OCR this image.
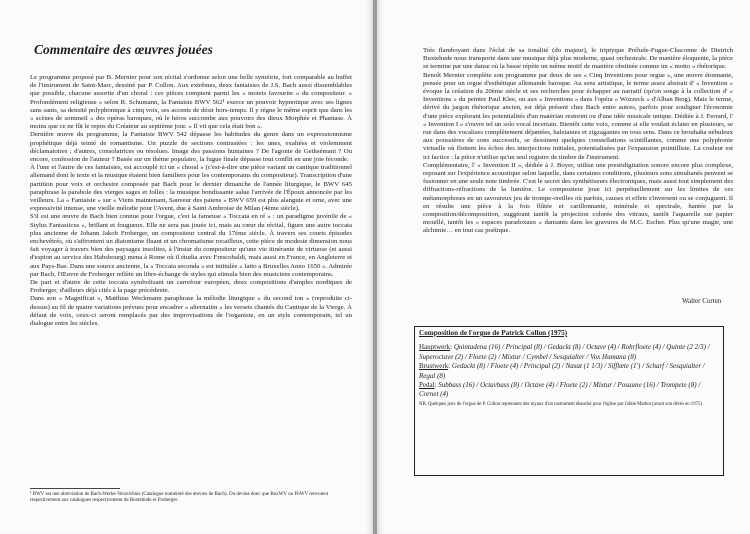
Commentaire des œuvres jouées

Le programme proposé par B. Mernier pour son récital s'ordonne selon une belle symétrie, fort comparable au buffet de l'instrument de Saint-Marc, dessiné par P. Collon. Aux extrêmes, deux fantaisies de J.S. Bach aussi dissemblables que possible, chacune assortie d'un choral : ces pièces comptent parmi les « motets favourite » du compositeur. « Profondément religieuse » selon R. Schumann, la Fantaisie BWV 562¹ exerce un pouvoir hypnotique avec ses lignes sans sauts, sa densité polyphonique à cinq voix, ses accents de désir hors-temps. Il y règne le même esprit que dans les « scènes de sommeil » des opéras baroques, où le héros succombe aux pouvoirs des dieux Morphée et Phantase. À moins que ce ne fût le repos du Créateur au septième jour. « Il vit que cela était bon ».

Dernière œuvre du programme, la Fantaisie BWV 542 dépasse les habitudes du genre dans un expressionnisme prophétique déjà teinté de romantisme. Un puzzle de sections contrastées : les unes, exaltées et violemment déclamatoires ; d'autres, consolatrices ou résolues. Image des passions humaines ? De l'agonie de Gethsémani ? Ou encore, confession de l'auteur ? Basée sur un thème populaire, la fugue finale dépasse tout conflit en une joie féconde.

À l'une et l'autre de ces fantaisies, est accouplé ici un « choral » (c'est-à-dire une pièce variant un cantique traditionnel allemand dont le texte et la musique étaient bien familiers pour les contemporains du compositeur). Transcription d'une partition pour voix et orchestre composée par Bach pour le dernier dimanche de l'année liturgique, le BWV 645 paraphrase la parabole des vierges sages et folles : la musique bondissante salue l'arrivée de l'Époux annoncée par les veilleurs. La « Fantaisie » sur « Viens maintenant, Sauveur des païens » BWV 659 est plus alanguie et orne, avec une expressivité intense, une vieille mélodie pour l'Avent, due à Saint Ambroise de Milan (4ème siècle).

S'il est une œuvre de Bach bien connue pour l'orgue, c'est la fameuse « Toccata en ré » : un paradigme juvénile de « Stylus Fantasticus », brillant et fougueux. Elle ne sera pas jouée ici, mais au cœur du récital, figure une autre toccata plus ancienne de Johann Jakob Froberger, un compositeur central du 17ème siècle. À travers ses courts épisodes enchevêtrés, où s'affrontent un diatonisme fluant et un chromatisme rocailleux, cette pièce de modeste dimension nous fait voyager à travers bien des paysages insolites, à l'instar du compositeur qu'une vie itinérante de virtuose (et aussi d'espion au service des Habsbourg) mena à Rome où il étudia avec Frescobaldi, mais aussi en France, en Angleterre et aux Pays-Bas. Dans une source ancienne, la « Toccata seconda » est intitulée « fatto a Bruxelles Anno 1650 ». Admirée par Bach, l'Œuvre de Froberger reflète un libre-échange de styles qui stimula bien des musiciens contemporains.

De part et d'autre de cette toccata symbolisant un carrefour européen, deux compositions d'amples nordiques de Froberger, d'ailleurs déjà cités à la page précédente.

Dans son « Magnificat », Matthias Weckmann paraphrase la mélodie liturgique « du second ton » (reproduite ci-dessus) au fil de quatre variations prévues pour encadrer « alternatim » les versets chantés du Cantique de la Vierge. À défaut de voix, ceux-ci seront remplacés par des improvisations de l'organiste, en un style contemporain, tel un dialogue entre les siècles.

¹ BWV est une abréviation de Bach-Werke-Verzeichnis (Catalogue numéroté des œuvres de Bach). On devine donc que BuxWV ou FbWV renvoient respectivement aux catalogues respectivement de Buxtehude et Froberger.

Très flamboyant dans l'éclat de sa tonalité (do majeur), le triptyque Prélude-Fugue-Chaconne de Dietrich Buxtehude nous transporte dans une musique déjà plus moderne, quasi orchestrale. De manière éloquente, la pièce se termine par une danse où la basse répète un même motif de manière obstinée comme un « motto » rhétorique.

Benoît Mernier complète son programme par deux de ses « Cinq Inventions pour orgue », une œuvre étonnante, pensée pour un orgue d'esthétique allemande baroque. Au sens artistique, le terme assez abstrait d' « Invention » évoque la création du 20ème siècle et ses recherches pour échapper au narratif (qu'on songe à la collection d' « Inventions » du peintre Paul Klee, ou aux « Inventions » dans l'opéra « Wozzeck » d'Alban Berg). Mais le terme, dérivé du jargon rhétorique ancien, est déjà présent chez Bach entre autres, parfois pour souligner l'économie d'une pièce explorant les potentialités d'un matériau restreint ou d'une idée musicale unique. Dédiée à J. Ferrard, l' « Invention I » s'ouvre tel un solo vocal incertain. Bientôt cette voix, comme si elle voulait éclater en plusieurs, se rue dans des vocalises complètement déjantées, haletantes et zigzagantes en tous sens. Dans ce brouhaha nébuleux aux poussières de sons successifs, se dessinent quelques constellations scintillantes, comme une polyphonie virtuelle où flottent les échos des interjections initiales, potentialisées par l'expansion pointilliste. La couleur est ici factice : la pièce n'utilise qu'un seul registre de timbre de l'instrument.

Complémentaire, l' « Invention II », dédiée à J. Boyer, utilise une prestidigitation sonore encore plus complexe, reposant sur l'expérience acoustique selon laquelle, dans certaines conditions, plusieurs sons simultanés peuvent se fusionner en une seule note timbrée. C'est le secret des synthétiseurs électroniques, mais aussi tout simplement des diffractions-réfractions de la lumière. Le compositeur joue ici perpétuellement sur les limites de ces métamorphoses en un savoureux jeu de trompe-oreilles où parfois, causes et effets s'inversent ou se conjuguent. Il en résulte une pièce à la fois flûtée et carillonnante, minérale et spectrale, hantée par la composition/décomposition, suggérant tantôt la projection colorée des vitraux, tantôt l'aquarelle sur papier mouillé, tantôt les « espaces paradoxaux » dansants dans les gravures de M.C. Escher. Plus qu'une magie, une alchimie… en tout cas poétique.

Walter Corten
Composition de l'orgue de Patrick Collon (1975)

Hauptwerk: Quintadena (16) / Principal (8) / Gedackt (8) / Octave (4) / Rohrfloete (4) / Quinte (2 2/3) / Superoctave (2) / Floete (2) / Mixtur / Cymbel / Sesquialter / Vox Humana (8)

Brustwerk: Gedackt (8) / Floete (4) / Principal (2) / Nasat (1 1/3) / Sifflœte (1') / Scharf / Sesquialter / Regal (8)

Pedal: Subbass (16) / Octavbass (8) / Octave (4) / Floete (2) / Mixtur / Posaune (16) / Trompete (8) / Cornet (4)

NB. Quelques jeux de l'orgue de P. Collon reprennent des tuyaux d'un instrument ébauché pour l'église par l'abbé Mathot (avant son décès en 1975)
